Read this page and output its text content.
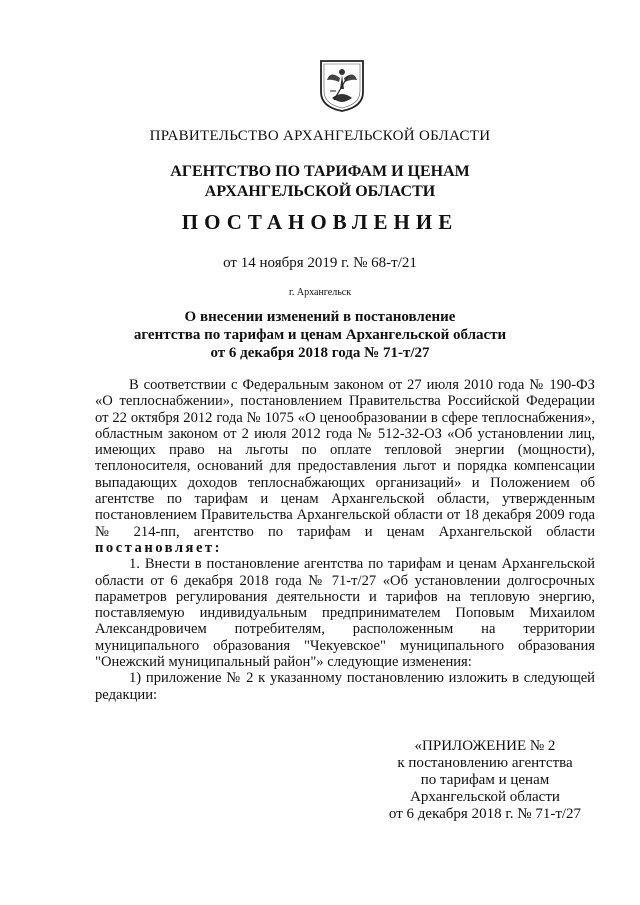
ПРАВИТЕЛЬСТВО АРХАНГЕЛЬСКОЙ ОБЛАСТИ
АГЕНТСТВО ПО ТАРИФАМ И ЦЕНАМ
АРХАНГЕЛЬСКОЙ ОБЛАСТИ
ПОСТАНОВЛЕНИЕ
от 14 ноября 2019 г. № 68-т/21
г. Архангельск
О внесении изменений в постановление
агентства по тарифам и ценам Архангельской области
от 6 декабря 2018 года № 71-т/27

В соответствии с Федеральным законом от 27 июля 2010 года № 190-ФЗ «О теплоснабжении», постановлением Правительства Российской Федерации от 22 октября 2012 года № 1075 «О ценообразовании в сфере теплоснабжения», областным законом от 2 июля 2012 года № 512-32-ОЗ «Об установлении лиц, имеющих право на льготы по оплате тепловой энергии (мощности), теплоносителя, оснований для предоставления льгот и порядка компенсации выпадающих доходов теплоснабжающих организаций» и Положением об агентстве по тарифам и ценам Архангельской области, утвержденным постановлением Правительства Архангельской области от 18 декабря 2009 года № 214-пп, агентство по тарифам и ценам Архангельской области постановляет:

1. Внести в постановление агентства по тарифам и ценам Архангельской области от 6 декабря 2018 года № 71-т/27 «Об установлении долгосрочных параметров регулирования деятельности и тарифов на тепловую энергию, поставляемую индивидуальным предпринимателем Поповым Михаилом Александровичем потребителям, расположенным на территории муниципального образования "Чекуевское" муниципального образования "Онежский муниципальный район"» следующие изменения:

1) приложение № 2 к указанному постановлению изложить в следующей редакции:

«ПРИЛОЖЕНИЕ № 2
к постановлению агентства
по тарифам и ценам
Архангельской области
от 6 декабря 2018 г. № 71-т/27
